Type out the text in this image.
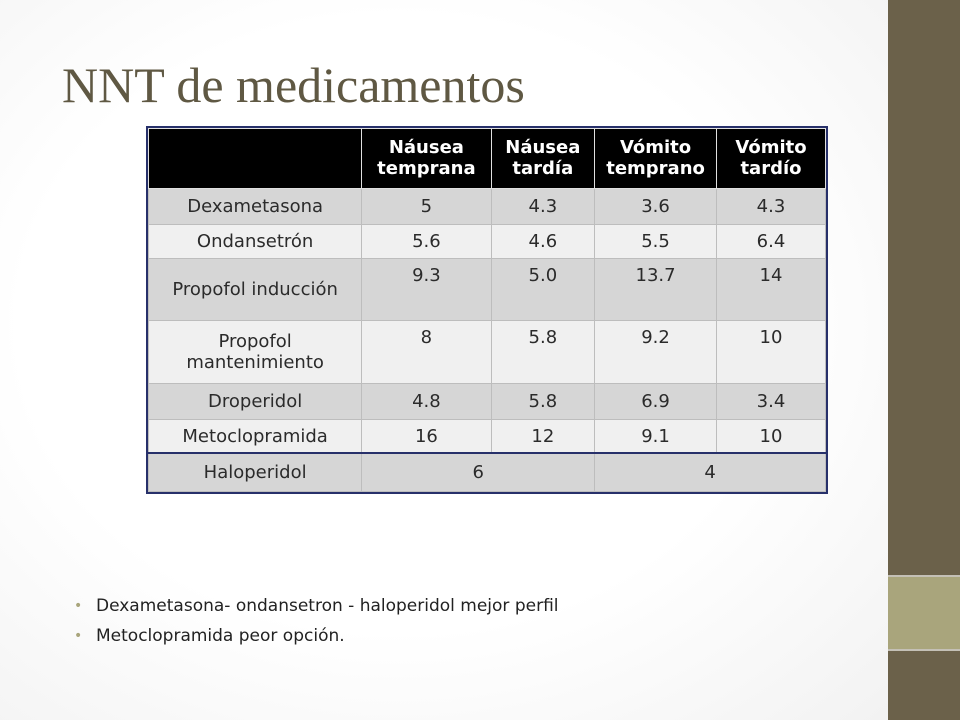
NNT de medicamentos
	Náusea temprana	Náusea tardía	Vómito temprano	Vómito tardío
Dexametasona	5	4.3	3.6	4.3
Ondansetrón	5.6	4.6	5.5	6.4
Propofol inducción	9.3	5.0	13.7	14
Propofol mantenimiento	8	5.8	9.2	10
Droperidol	4.8	5.8	6.9	3.4
Metoclopramida	16	12	9.1	10
Haloperidol	6		4	
• Dexametasona- ondansetron - haloperidol mejor perfil
• Metoclopramida peor opción.
